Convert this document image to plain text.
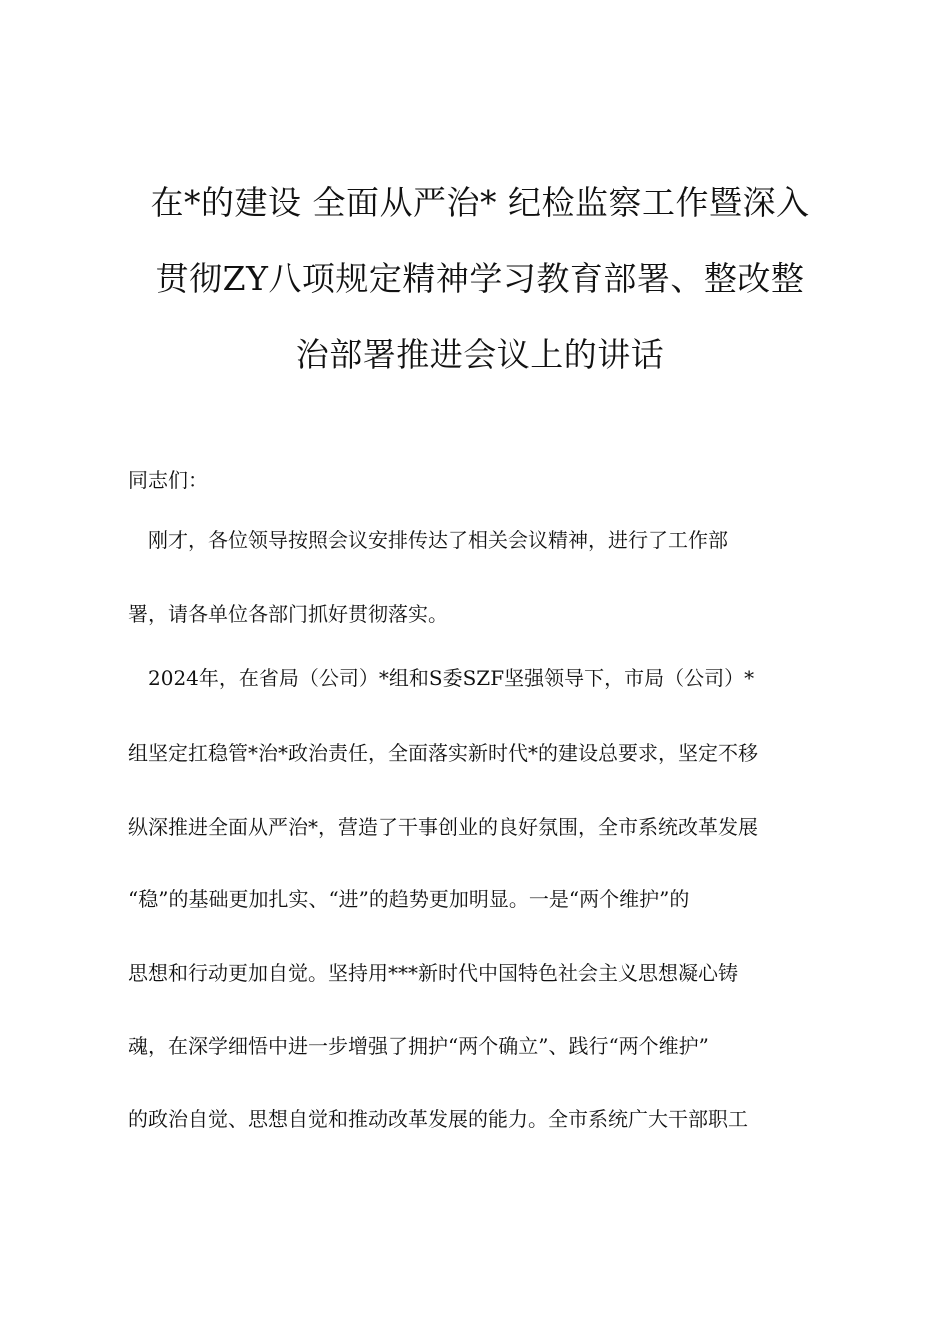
在*的建设 全面从严治* 纪检监察工作暨深入
贯彻ZY八项规定精神学习教育部署、整改整
治部署推进会议上的讲话
同志们：
　刚才，各位领导按照会议安排传达了相关会议精神，进行了工作部
署，请各单位各部门抓好贯彻落实。
　2024年，在省局（公司）*组和S委SZF坚强领导下，市局（公司）*
组坚定扛稳管*治*政治责任，全面落实新时代*的建设总要求，坚定不移
纵深推进全面从严治*，营造了干事创业的良好氛围，全市系统改革发展
“稳”的基础更加扎实、“进”的趋势更加明显。一是“两个维护”的
思想和行动更加自觉。坚持用***新时代中国特色社会主义思想凝心铸
魂，在深学细悟中进一步增强了拥护“两个确立”、践行“两个维护”
的政治自觉、思想自觉和推动改革发展的能力。全市系统广大干部职工
